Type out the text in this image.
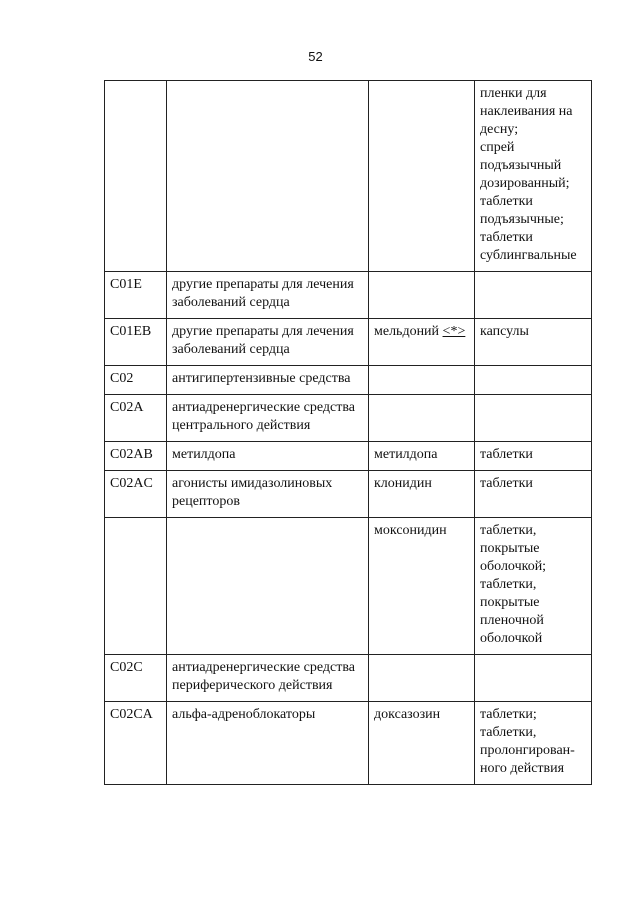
52

			пленки для наклеивания на десну;
спрей подъязычный дозированный;
таблетки подъязычные;
таблетки сублингвальные

C01E	другие препараты для лечения заболеваний сердца		
C01EB	другие препараты для лечения заболеваний сердца	мельдоний <*>	капсулы

C02	антигипертензивные средства		
C02A	антиадренергические средства центрального действия		
C02AB	метилдопа	метилдопа	таблетки

C02AC	агонисты имидазолиновых рецепторов	клонидин	таблетки

		моксонидин	таблетки, покрытые оболочкой;
таблетки, покрытые пленочной оболочкой

C02C	антиадренергические средства периферического действия		
C02CA	альфа-адреноблокаторы	доксазозин	таблетки;
таблетки, пролонгирован-ного действия
